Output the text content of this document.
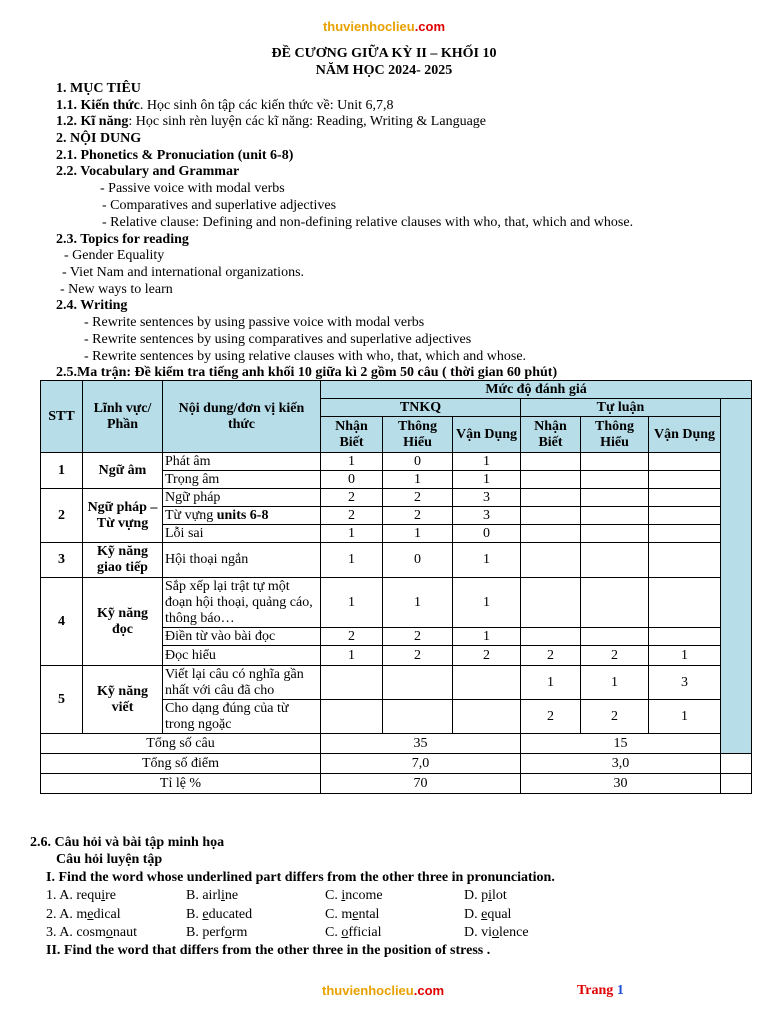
thuvienhoclieu.com
ĐỀ CƯƠNG GIỮA KỲ II – KHỐI 10
NĂM HỌC 2024- 2025
1. MỤC TIÊU
1.1. Kiến thức. Học sinh ôn tập các kiến thức về: Unit 6,7,8
1.2. Kĩ năng: Học sinh rèn luyện các kĩ năng: Reading, Writing & Language
2. NỘI DUNG
2.1. Phonetics & Pronuciation (unit 6-8)
2.2. Vocabulary and Grammar
- Passive voice with modal verbs
- Comparatives and superlative adjectives
- Relative clause: Defining and non-defining relative clauses with who, that, which and whose.
2.3. Topics for reading
- Gender Equality
- Viet Nam and international organizations.
- New ways to learn
2.4. Writing
- Rewrite sentences by using passive voice with modal verbs
- Rewrite sentences by using comparatives and superlative adjectives
- Rewrite sentences by using relative clauses with who, that, which and whose.
2.5.Ma trận: Đề kiểm tra tiếng anh khối 10 giữa kì 2 gồm 50 câu ( thời gian 60 phút)
STT	Lĩnh vực/ Phần	Nội dung/đơn vị kiến thức	Mức độ đánh giá						
			TNKQ			Tự luận			
			Nhận Biết	Thông Hiểu	Vận Dụng	Nhận Biết	Thông Hiểu	Vận Dụng	
1	Ngữ âm	Phát âm	1	0	1				
		Trọng âm	0	1	1				
2	Ngữ pháp – Từ vựng	Ngữ pháp	2	2	3				
		Từ vựng units 6-8	2	2	3				
		Lỗi sai	1	1	0				
3	Kỹ năng giao tiếp	Hội thoại ngắn	1	0	1				
4	Kỹ năng đọc	Sắp xếp lại trật tự một đoạn hội thoại, quảng cáo, thông báo…	1	1	1				
		Điền từ vào bài đọc	2	2	1				
		Đọc hiểu	1	2	2	2	2	1	
5	Kỹ năng viết	Viết lại câu có nghĩa gần nhất với câu đã cho				1	1	3	
		Cho dạng đúng của từ trong ngoặc				2	2	1	
Tổng số câu			35			15			
Tổng số điểm			7,0			3,0			
Tỉ lệ %			70			30			
2.6. Câu hỏi và bài tập minh họa
Câu hỏi luyện tập
I. Find the word whose underlined part differs from the other three in pronunciation.
1. A. require	B. airline	C. income	D. pilot
2. A. medical	B. educated	C. mental	D. equal
3. A. cosmonaut	B. perform	C. official	D. violence
II. Find the word that differs from the other three in the position of stress .
thuvienhoclieu.com	Trang 1
